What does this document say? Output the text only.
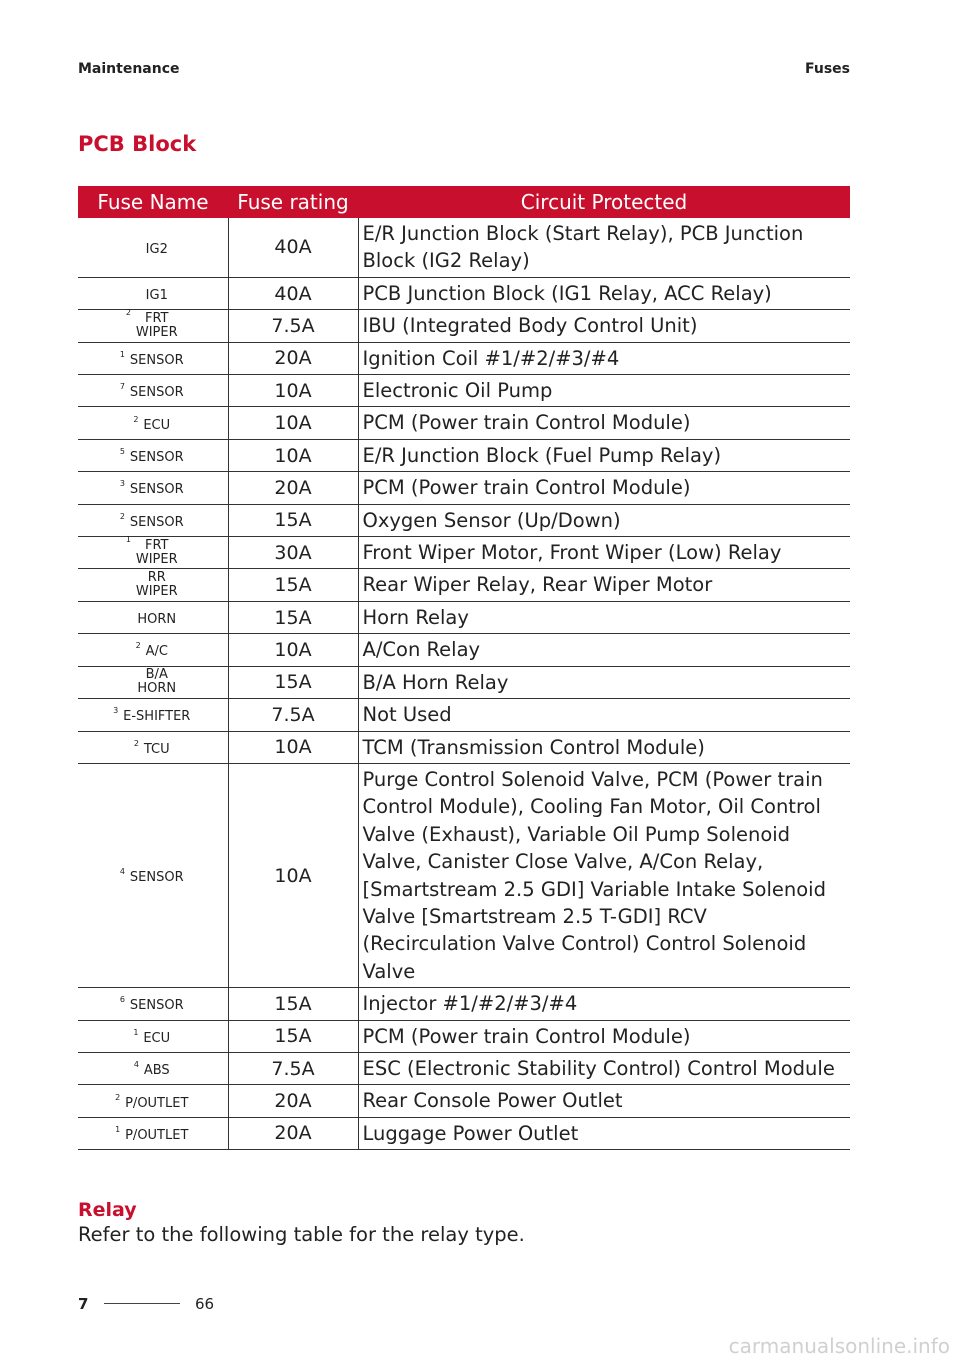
Maintenance	Fuses
PCB Block
Fuse Name	Fuse rating	Circuit Protected

IG2	40A	E/R Junction Block (Start Relay), PCB Junction Block (IG2 Relay)

IG1	40A	PCB Junction Block (IG1 Relay, ACC Relay)

2 FRT
WIPER	7.5A	IBU (Integrated Body Control Unit)

1 SENSOR	20A	Ignition Coil #1/#2/#3/#4

7 SENSOR	10A	Electronic Oil Pump

2 ECU	10A	PCM (Power train Control Module)

5 SENSOR	10A	E/R Junction Block (Fuel Pump Relay)

3 SENSOR	20A	PCM (Power train Control Module)

2 SENSOR	15A	Oxygen Sensor (Up/Down)

1 FRT
WIPER	30A	Front Wiper Motor, Front Wiper (Low) Relay

RR
WIPER	15A	Rear Wiper Relay, Rear Wiper Motor

HORN	15A	Horn Relay

2 A/C	10A	A/Con Relay

B/A
HORN	15A	B/A Horn Relay

3 E-SHIFTER	7.5A	Not Used

2 TCU	10A	TCM (Transmission Control Module)

4 SENSOR	10A	Purge Control Solenoid Valve, PCM (Power train Control Module), Cooling Fan Motor, Oil Control Valve (Exhaust), Variable Oil Pump Solenoid Valve, Canister Close Valve, A/Con Relay, [Smartstream 2.5 GDI] Variable Intake Solenoid Valve [Smartstream 2.5 T-GDI] RCV (Recirculation Valve Control) Control Solenoid Valve

6 SENSOR	15A	Injector #1/#2/#3/#4

1 ECU	15A	PCM (Power train Control Module)

4 ABS	7.5A	ESC (Electronic Stability Control) Control Module

2 P/OUTLET	20A	Rear Console Power Outlet

1 P/OUTLET	20A	Luggage Power Outlet
Relay
Refer to the following table for the relay type.
7	66
carmanualsonline.info
